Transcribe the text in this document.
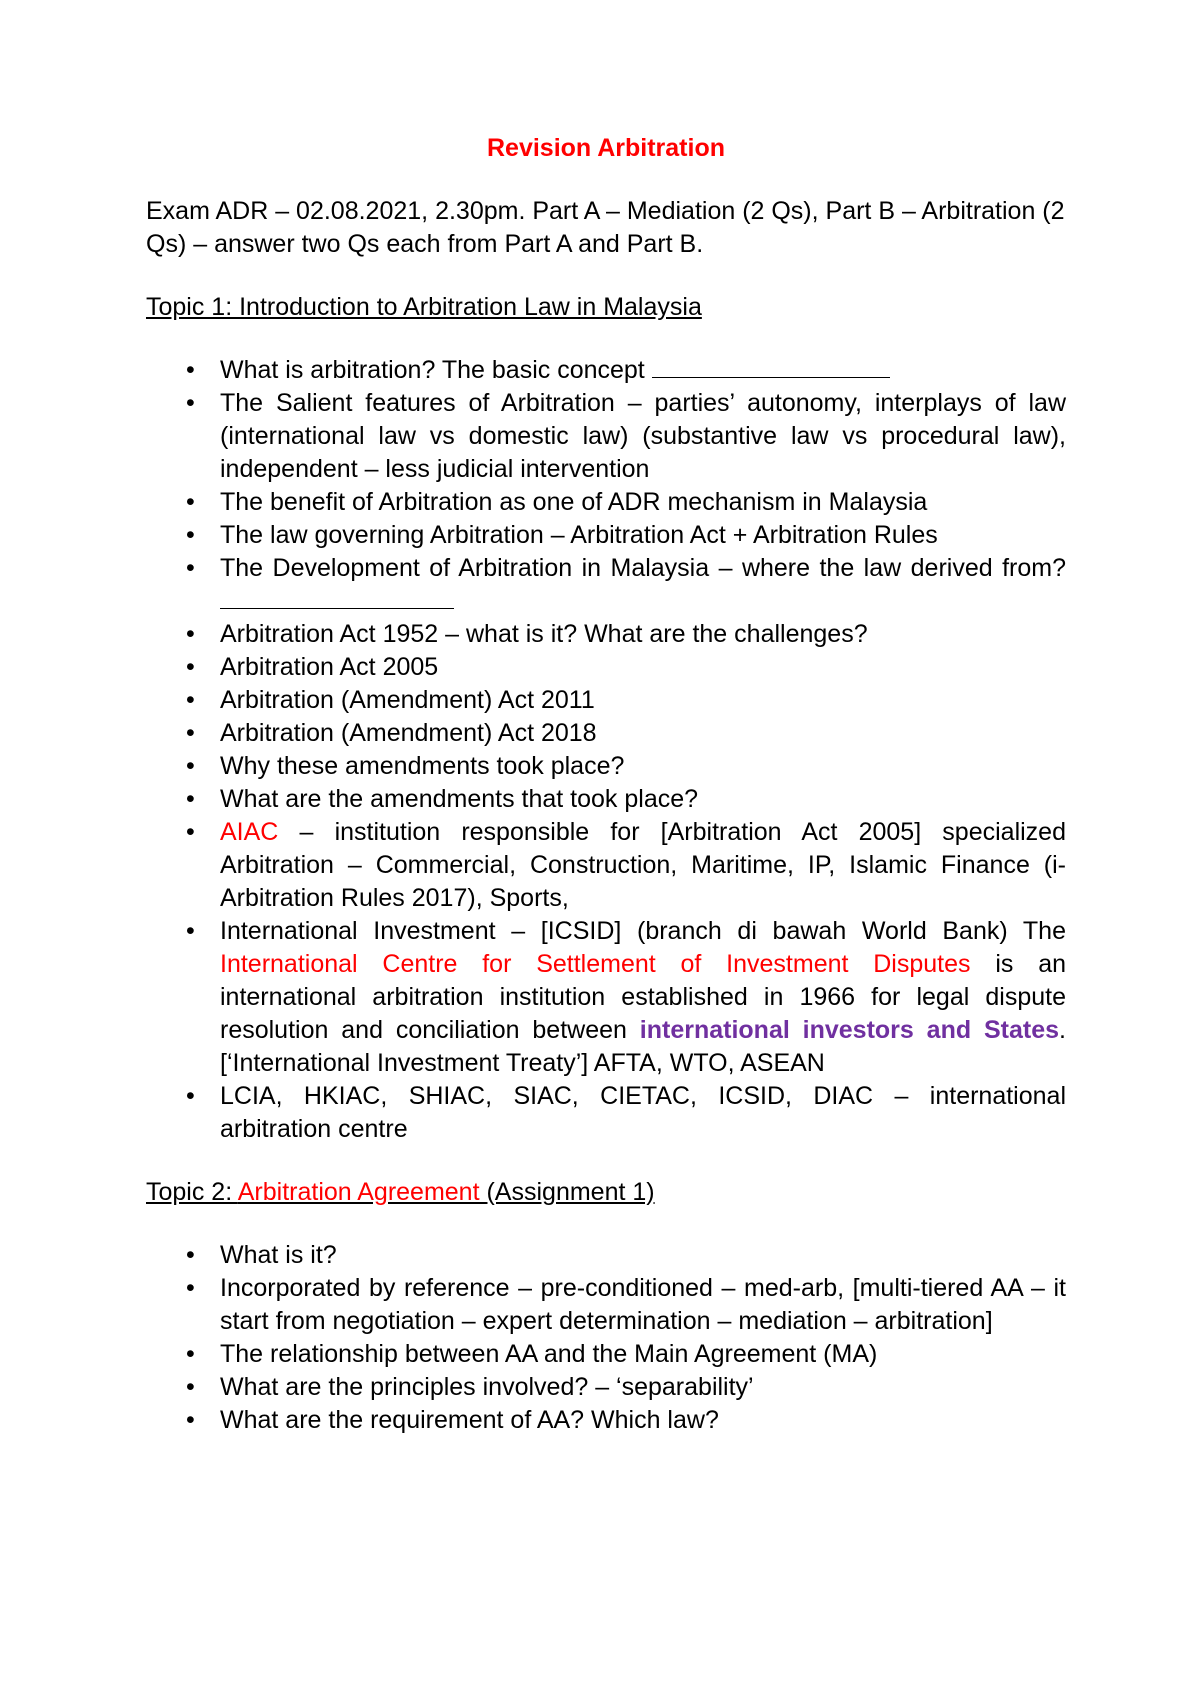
Revision Arbitration
Exam ADR – 02.08.2021, 2.30pm. Part A – Mediation (2 Qs), Part B – Arbitration (2 Qs) – answer two Qs each from Part A and Part B.
Topic 1: Introduction to Arbitration Law in Malaysia
•	What is arbitration? The basic concept
•	The Salient features of Arbitration – parties’ autonomy, interplays of law (international law vs domestic law) (substantive law vs procedural law), independent – less judicial intervention
•	The benefit of Arbitration as one of ADR mechanism in Malaysia
•	The law governing Arbitration – Arbitration Act + Arbitration Rules
•	The Development of Arbitration in Malaysia – where the law derived from?
•	Arbitration Act 1952 – what is it? What are the challenges?
•	Arbitration Act 2005
•	Arbitration (Amendment) Act 2011
•	Arbitration (Amendment) Act 2018
•	Why these amendments took place?
•	What are the amendments that took place?
•	AIAC – institution responsible for [Arbitration Act 2005] specialized Arbitration – Commercial, Construction, Maritime, IP, Islamic Finance (i-Arbitration Rules 2017), Sports,
•	International Investment – [ICSID] (branch di bawah World Bank) The International Centre for Settlement of Investment Disputes is an international arbitration institution established in 1966 for legal dispute resolution and conciliation between international investors and States. [‘International Investment Treaty’] AFTA, WTO, ASEAN
•	LCIA, HKIAC, SHIAC, SIAC, CIETAC, ICSID, DIAC – international arbitration centre
Topic 2: Arbitration Agreement (Assignment 1)
•	What is it?
•	Incorporated by reference – pre-conditioned – med-arb, [multi-tiered AA – it start from negotiation – expert determination – mediation – arbitration]
•	The relationship between AA and the Main Agreement (MA)
•	What are the principles involved? – ‘separability’
•	What are the requirement of AA? Which law?
